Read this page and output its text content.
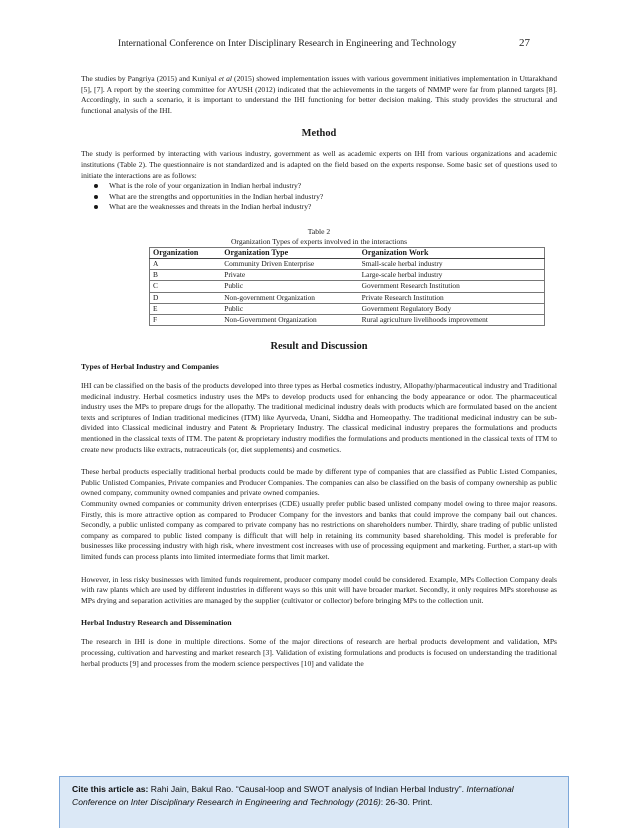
International Conference on Inter Disciplinary Research in Engineering and Technology	27

The studies by Pangriya (2015) and Kuniyal et al (2015) showed implementation issues with various government initiatives implementation in Uttarakhand [5], [7]. A report by the steering committee for AYUSH (2012) indicated that the achievements in the targets of NMMP were far from planned targets [8]. Accordingly, in such a scenario, it is important to understand the IHI functioning for better decision making. This study provides the structural and functional analysis of the IHI.

Method

The study is performed by interacting with various industry, government as well as academic experts on IHI from various organizations and academic institutions (Table 2). The questionnaire is not standardized and is adapted on the field based on the experts response. Some basic set of questions used to initiate the interactions are as follows:

What is the role of your organization in Indian herbal industry?
What are the strengths and opportunities in the Indian herbal industry?
What are the weaknesses and threats in the Indian herbal industry?
Table 2
Organization Types of experts involved in the interactions
Organization	Organization Type	Organization Work
A	Community Driven Enterprise	Small-scale herbal industry
B	Private	Large-scale herbal industry
C	Public	Government Research Institution
D	Non-government Organization	Private Research Institution
E	Public	Government Regulatory Body
F	Non-Government Organization	Rural agriculture livelihoods improvement
Result and Discussion
Types of Herbal Industry and Companies

IHI can be classified on the basis of the products developed into three types as Herbal cosmetics industry, Allopathy/pharmaceutical industry and Traditional medicinal industry. Herbal cosmetics industry uses the MPs to develop products used for enhancing the body appearance or odor. The pharmaceutical industry uses the MPs to prepare drugs for the allopathy. The traditional medicinal industry deals with products which are formulated based on the ancient texts and scriptures of Indian traditional medicines (ITM) like Ayurveda, Unani, Siddha and Homeopathy. The traditional medicinal industry can be sub-divided into Classical medicinal industry and Patent & Proprietary Industry. The classical medicinal industry prepares the formulations and products mentioned in the classical texts of ITM. The patent & proprietary industry modifies the formulations and products mentioned in the classical texts of ITM to create new products like extracts, nutraceuticals (or, diet supplements) and cosmetics.

These herbal products especially traditional herbal products could be made by different type of companies that are classified as Public Listed Companies, Public Unlisted Companies, Private companies and Producer Companies. The companies can also be classified on the basis of company ownership as public owned company, community owned companies and private owned companies.

Community owned companies or community driven enterprises (CDE) usually prefer public based unlisted company model owing to three major reasons. Firstly, this is more attractive option as compared to Producer Company for the investors and banks that could improve the company bail out chances. Secondly, a public unlisted company as compared to private company has no restrictions on shareholders number. Thirdly, share trading of public unlisted company as compared to public listed company is difficult that will help in retaining its community based shareholding. This model is preferable for businesses like processing industry with high risk, where investment cost increases with use of processing equipment and marketing. Further, a start-up with limited funds can process plants into limited intermediate forms that limit market.

However, in less risky businesses with limited funds requirement, producer company model could be considered. Example, MPs Collection Company deals with raw plants which are used by different industries in different ways so this unit will have broader market. Secondly, it only requires MPs storehouse as MPs drying and separation activities are managed by the supplier (cultivator or collector) before bringing MPs to the collection unit.

Herbal Industry Research and Dissemination

The research in IHI is done in multiple directions. Some of the major directions of research are herbal products development and validation, MPs processing, cultivation and harvesting and market research [3]. Validation of existing formulations and products is focused on understanding the traditional herbal products [9] and processes from the modern science perspectives [10] and validate the

Cite this article as: Rahi Jain, Bakul Rao. “Causal-loop and SWOT analysis of Indian Herbal Industry”. International Conference on Inter Disciplinary Research in Engineering and Technology (2016): 26-30. Print.
